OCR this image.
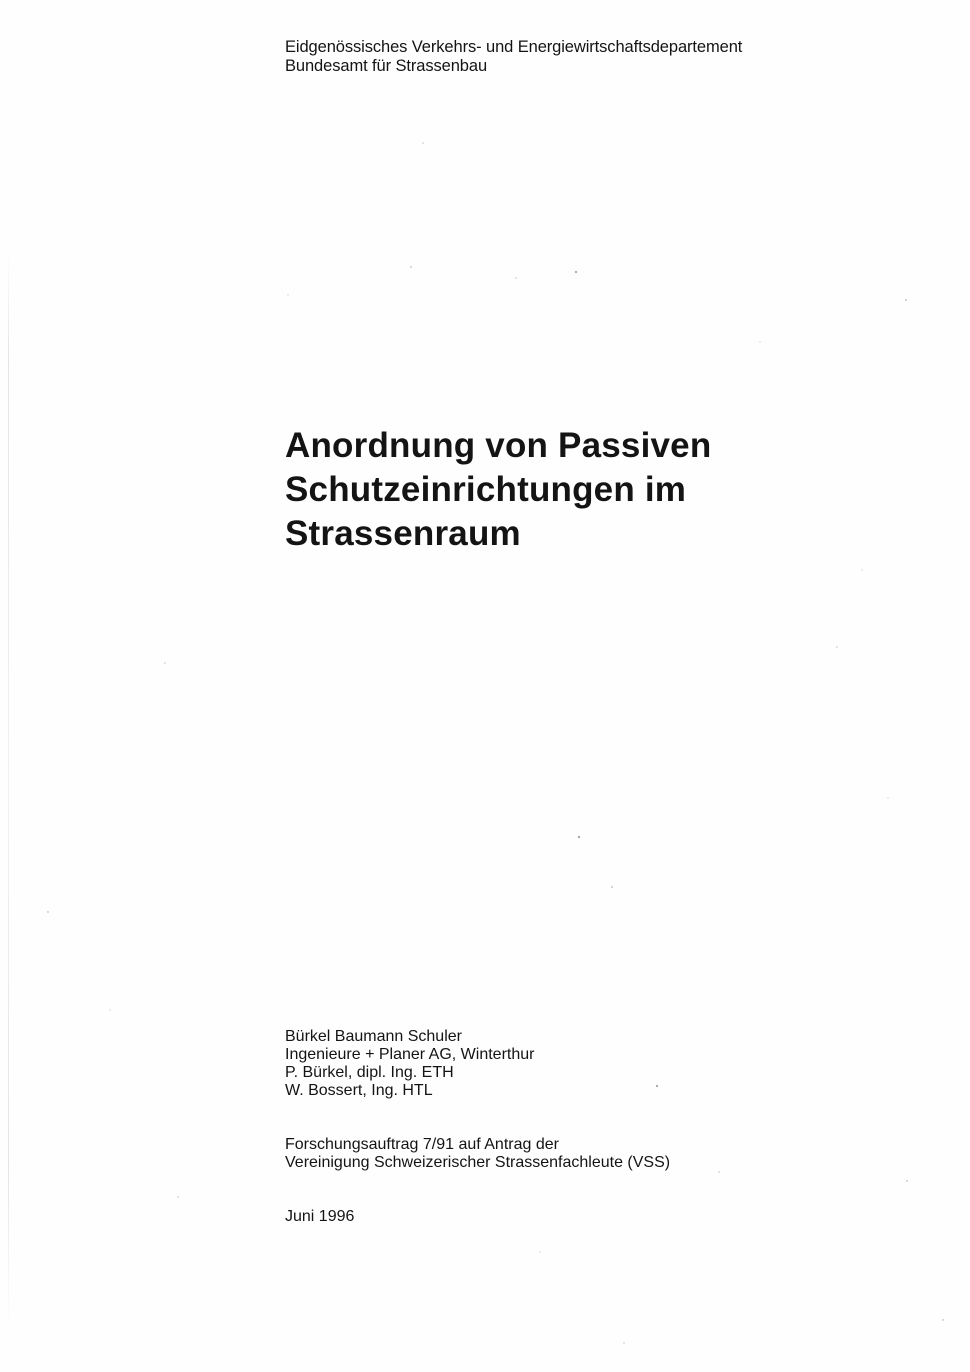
Eidgenössisches Verkehrs- und Energiewirtschaftsdepartement
Bundesamt für Strassenbau
Anordnung von Passiven
Schutzeinrichtungen im
Strassenraum
Bürkel Baumann Schuler
Ingenieure + Planer AG, Winterthur
P. Bürkel, dipl. Ing. ETH
W. Bossert, Ing. HTL
Forschungsauftrag 7/91 auf Antrag der
Vereinigung Schweizerischer Strassenfachleute (VSS)
Juni 1996
